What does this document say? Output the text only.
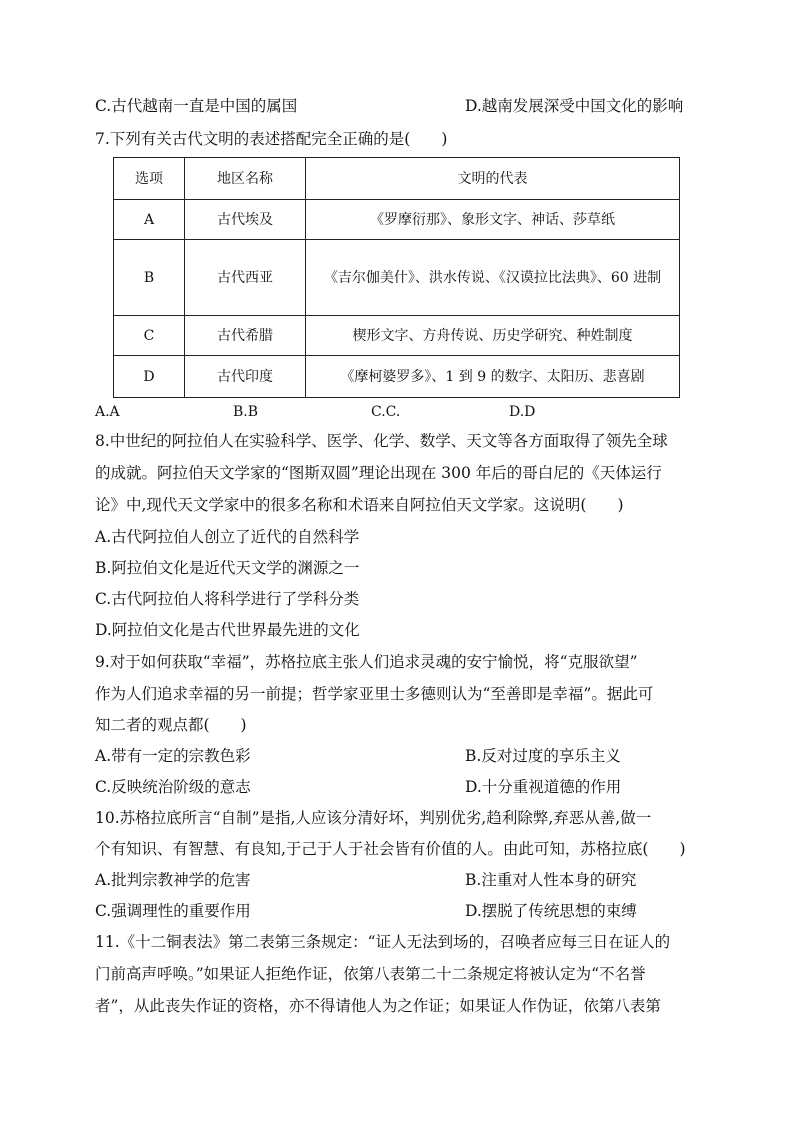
C.古代越南一直是中国的属国	D.越南发展深受中国文化的影响
7.下列有关古代文明的表述搭配完全正确的是(　　)
选项	地区名称	文明的代表
A	古代埃及	《罗摩衍那》、象形文字、神话、莎草纸
B	古代西亚	《吉尔伽美什》、洪水传说、《汉谟拉比法典》、60 进制
C	古代希腊	楔形文字、方舟传说、历史学研究、种姓制度
D	古代印度	《摩柯婆罗多》、1 到 9 的数字、太阳历、悲喜剧
A.A	B.B	C.C.	D.D
8.中世纪的阿拉伯人在实验科学、医学、化学、数学、天文等各方面取得了领先全球
的成就。阿拉伯天文学家的“图斯双圆”理论出现在 300 年后的哥白尼的《天体运行
论》中,现代天文学家中的很多名称和术语来自阿拉伯天文学家。这说明(　　)
A.古代阿拉伯人创立了近代的自然科学
B.阿拉伯文化是近代天文学的渊源之一
C.古代阿拉伯人将科学进行了学科分类
D.阿拉伯文化是古代世界最先进的文化
9.对于如何获取“幸福”，苏格拉底主张人们追求灵魂的安宁愉悦，将“克服欲望”
作为人们追求幸福的另一前提；哲学家亚里士多德则认为“至善即是幸福”。据此可
知二者的观点都(　　)
A.带有一定的宗教色彩	B.反对过度的享乐主义
C.反映统治阶级的意志	D.十分重视道德的作用
10.苏格拉底所言“自制”是指,人应该分清好坏，判别优劣,趋利除弊,弃恶从善,做一
个有知识、有智慧、有良知,于己于人于社会皆有价值的人。由此可知，苏格拉底(　　)
A.批判宗教神学的危害	B.注重对人性本身的研究
C.强调理性的重要作用	D.摆脱了传统思想的束缚
11.《十二铜表法》第二表第三条规定：“证人无法到场的，召唤者应每三日在证人的
门前高声呼唤。”如果证人拒绝作证，依第八表第二十二条规定将被认定为“不名誉
者”，从此丧失作证的资格，亦不得请他人为之作证；如果证人作伪证，依第八表第
